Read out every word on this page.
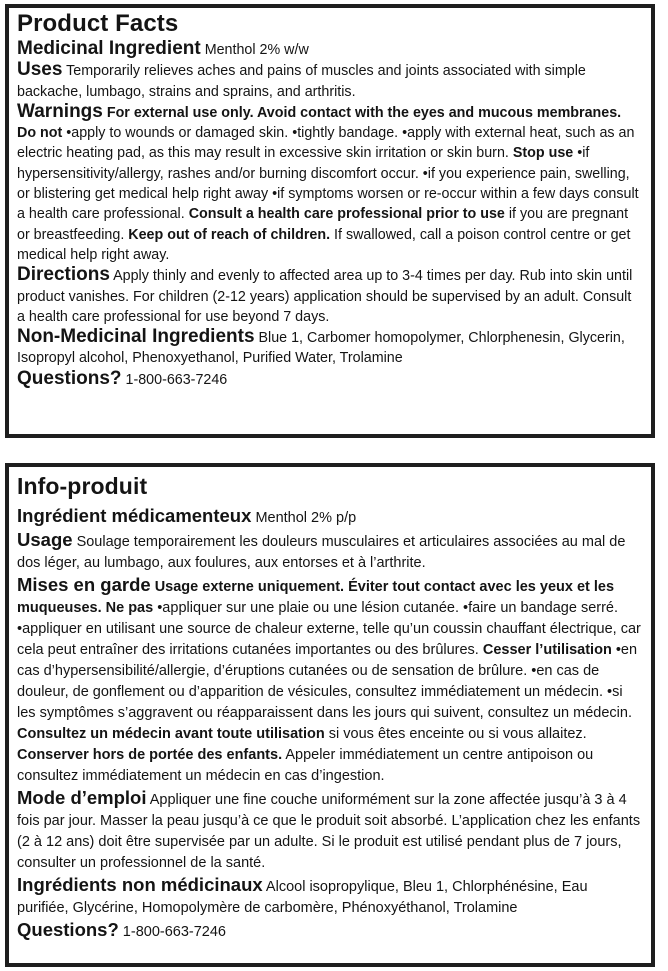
Product Facts

Medicinal Ingredient Menthol 2% w/w

Uses Temporarily relieves aches and pains of muscles and joints associated with simple backache, lumbago, strains and sprains, and arthritis.

Warnings For external use only. Avoid contact with the eyes and mucous membranes. Do not •apply to wounds or damaged skin. •tightly bandage. •apply with external heat, such as an electric heating pad, as this may result in excessive skin irritation or skin burn. Stop use •if hypersensitivity/allergy, rashes and/or burning discomfort occur. •if you experience pain, swelling, or blistering get medical help right away •if symptoms worsen or re-occur within a few days consult a health care professional. Consult a health care professional prior to use if you are pregnant or breastfeeding. Keep out of reach of children. If swallowed, call a poison control centre or get medical help right away.

Directions Apply thinly and evenly to affected area up to 3-4 times per day. Rub into skin until product vanishes. For children (2-12 years) application should be supervised by an adult. Consult a health care professional for use beyond 7 days.

Non-Medicinal Ingredients Blue 1, Carbomer homopolymer, Chlorphenesin, Glycerin, Isopropyl alcohol, Phenoxyethanol, Purified Water, Trolamine

Questions? 1-800-663-7246

Info-produit

Ingrédient médicamenteux Menthol 2% p/p

Usage Soulage temporairement les douleurs musculaires et articulaires associées au mal de dos léger, au lumbago, aux foulures, aux entorses et à l’arthrite.

Mises en garde Usage externe uniquement. Éviter tout contact avec les yeux et les muqueuses. Ne pas •appliquer sur une plaie ou une lésion cutanée. •faire un bandage serré. •appliquer en utilisant une source de chaleur externe, telle qu’un coussin chauffant électrique, car cela peut entraîner des irritations cutanées importantes ou des brûlures. Cesser l’utilisation •en cas d’hypersensibilité/allergie, d’éruptions cutanées ou de sensation de brûlure. •en cas de douleur, de gonflement ou d’apparition de vésicules, consultez immédiatement un médecin. •si les symptômes s’aggravent ou réapparaissent dans les jours qui suivent, consultez un médecin. Consultez un médecin avant toute utilisation si vous êtes enceinte ou si vous allaitez. Conserver hors de portée des enfants. Appeler immédiatement un centre antipoison ou consultez immédiatement un médecin en cas d’ingestion.

Mode d’emploi Appliquer une fine couche uniformément sur la zone affectée jusqu’à 3 à 4 fois par jour. Masser la peau jusqu’à ce que le produit soit absorbé. L’application chez les enfants (2 à 12 ans) doit être supervisée par un adulte. Si le produit est utilisé pendant plus de 7 jours, consulter un professionnel de la santé.

Ingrédients non médicinaux Alcool isopropylique, Bleu 1, Chlorphénésine, Eau purifiée, Glycérine, Homopolymère de carbomère, Phénoxyéthanol, Trolamine

Questions? 1-800-663-7246
